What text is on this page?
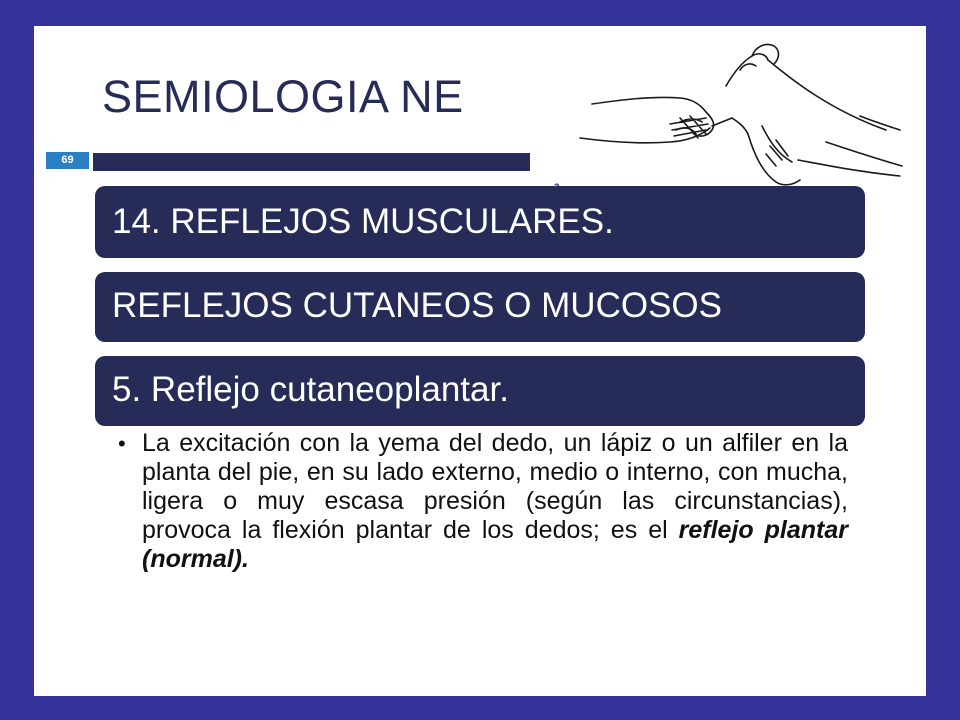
SEMIOLOGIA NE
69
14. REFLEJOS MUSCULARES.
REFLEJOS CUTANEOS O MUCOSOS
5. Reflejo cutaneoplantar.
• La excitación con la yema del dedo, un lápiz o un alfiler en la planta del pie, en su lado externo, medio o interno, con mucha, ligera o muy escasa presión (según las circunstancias), provoca la flexión plantar de los dedos; es el reflejo plantar (normal).
